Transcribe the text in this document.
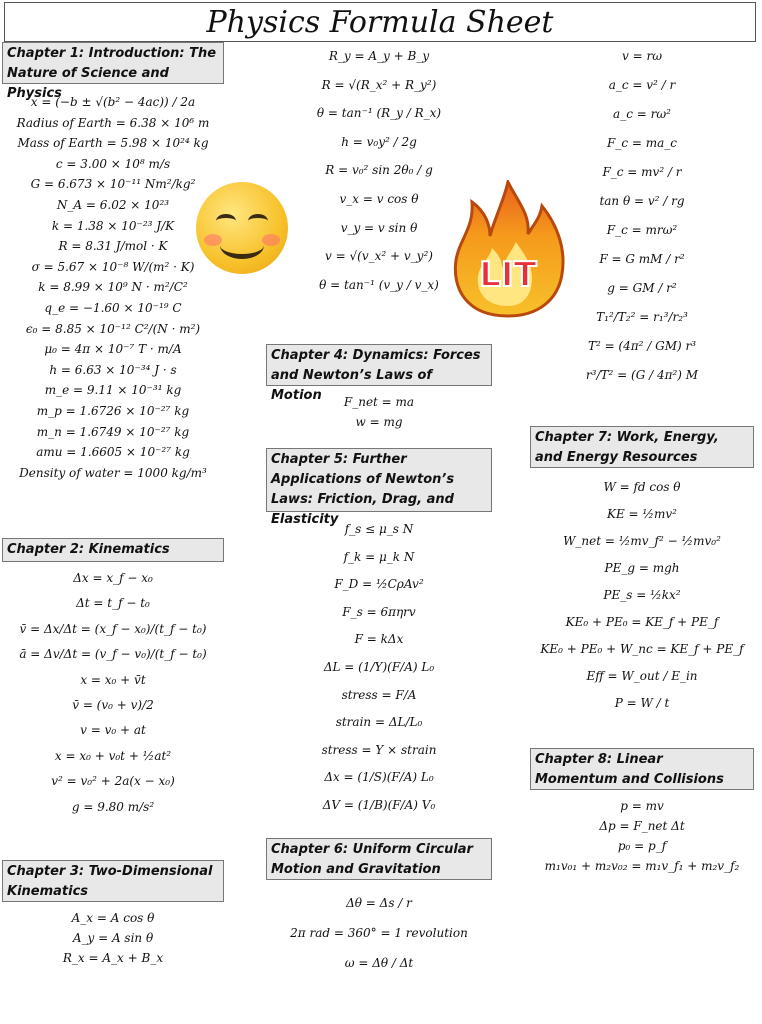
Physics Formula Sheet
Chapter 1: Introduction: The Nature of Science and Physics
x = (−b ± √(b² − 4ac)) / 2a
Radius of Earth = 6.38 × 10⁶ m
Mass of Earth = 5.98 × 10²⁴ kg
c = 3.00 × 10⁸ m/s
G = 6.673 × 10⁻¹¹ Nm²/kg²
N_A = 6.02 × 10²³
k = 1.38 × 10⁻²³ J/K
R = 8.31 J/mol · K
σ = 5.67 × 10⁻⁸ W/(m² · K)
k = 8.99 × 10⁹ N · m²/C²
q_e = −1.60 × 10⁻¹⁹ C
ϵ₀ = 8.85 × 10⁻¹² C²/(N · m²)
μ₀ = 4π × 10⁻⁷ T · m/A
h = 6.63 × 10⁻³⁴ J · s
m_e = 9.11 × 10⁻³¹ kg
m_p = 1.6726 × 10⁻²⁷ kg
m_n = 1.6749 × 10⁻²⁷ kg
amu = 1.6605 × 10⁻²⁷ kg
Density of water = 1000 kg/m³
Chapter 2: Kinematics
Δx = x_f − x₀
Δt = t_f − t₀
v̄ = Δx/Δt = (x_f − x₀)/(t_f − t₀)
ā = Δv/Δt = (v_f − v₀)/(t_f − t₀)
x = x₀ + v̄t
v̄ = (v₀ + v)/2
v = v₀ + at
x = x₀ + v₀t + ½at²
v² = v₀² + 2a(x − x₀)
g = 9.80 m/s²
Chapter 3: Two-Dimensional Kinematics
A_x = A cos θ
A_y = A sin θ
R_x = A_x + B_x
LIT
R_y = A_y + B_y
R = √(R_x² + R_y²)
θ = tan⁻¹ (R_y / R_x)
h = v₀y² / 2g
R = v₀² sin 2θ₀ / g
v_x = v cos θ
v_y = v sin θ
v = √(v_x² + v_y²)
θ = tan⁻¹ (v_y / v_x)
Chapter 4: Dynamics: Forces and Newton’s Laws of Motion	F_net = ma
w = mg
Chapter 5: Further Applications of Newton’s Laws: Friction, Drag, and Elasticity
f_s ≤ μ_s N
f_k = μ_k N
F_D = ½CρAv²
F_s = 6πηrv
F = kΔx
ΔL = (1/Y)(F/A) L₀
stress = F/A
strain = ΔL/L₀
stress = Y × strain
Δx = (1/S)(F/A) L₀
ΔV = (1/B)(F/A) V₀
Chapter 6: Uniform Circular Motion and Gravitation
Δθ = Δs / r
2π rad = 360° = 1 revolution
ω = Δθ / Δt
v = rω
a_c = v² / r
a_c = rω²
F_c = ma_c
F_c = mv² / r
tan θ = v² / rg
F_c = mrω²
F = G mM / r²
g = GM / r²
T₁²/T₂² = r₁³/r₂³
T² = (4π² / GM) r³
r³/T² = (G / 4π²) M
Chapter 7: Work, Energy, and Energy Resources
W = fd cos θ
KE = ½mv²
W_net = ½mv_f² − ½mv₀²
PE_g = mgh
PE_s = ½kx²
KE₀ + PE₀ = KE_f + PE_f
KE₀ + PE₀ + W_nc = KE_f + PE_f
Eff = W_out / E_in
P = W / t
Chapter 8: Linear Momentum and Collisions
p = mv
Δp = F_net Δt
p₀ = p_f
m₁v₀₁ + m₂v₀₂ = m₁v_f₁ + m₂v_f₂
